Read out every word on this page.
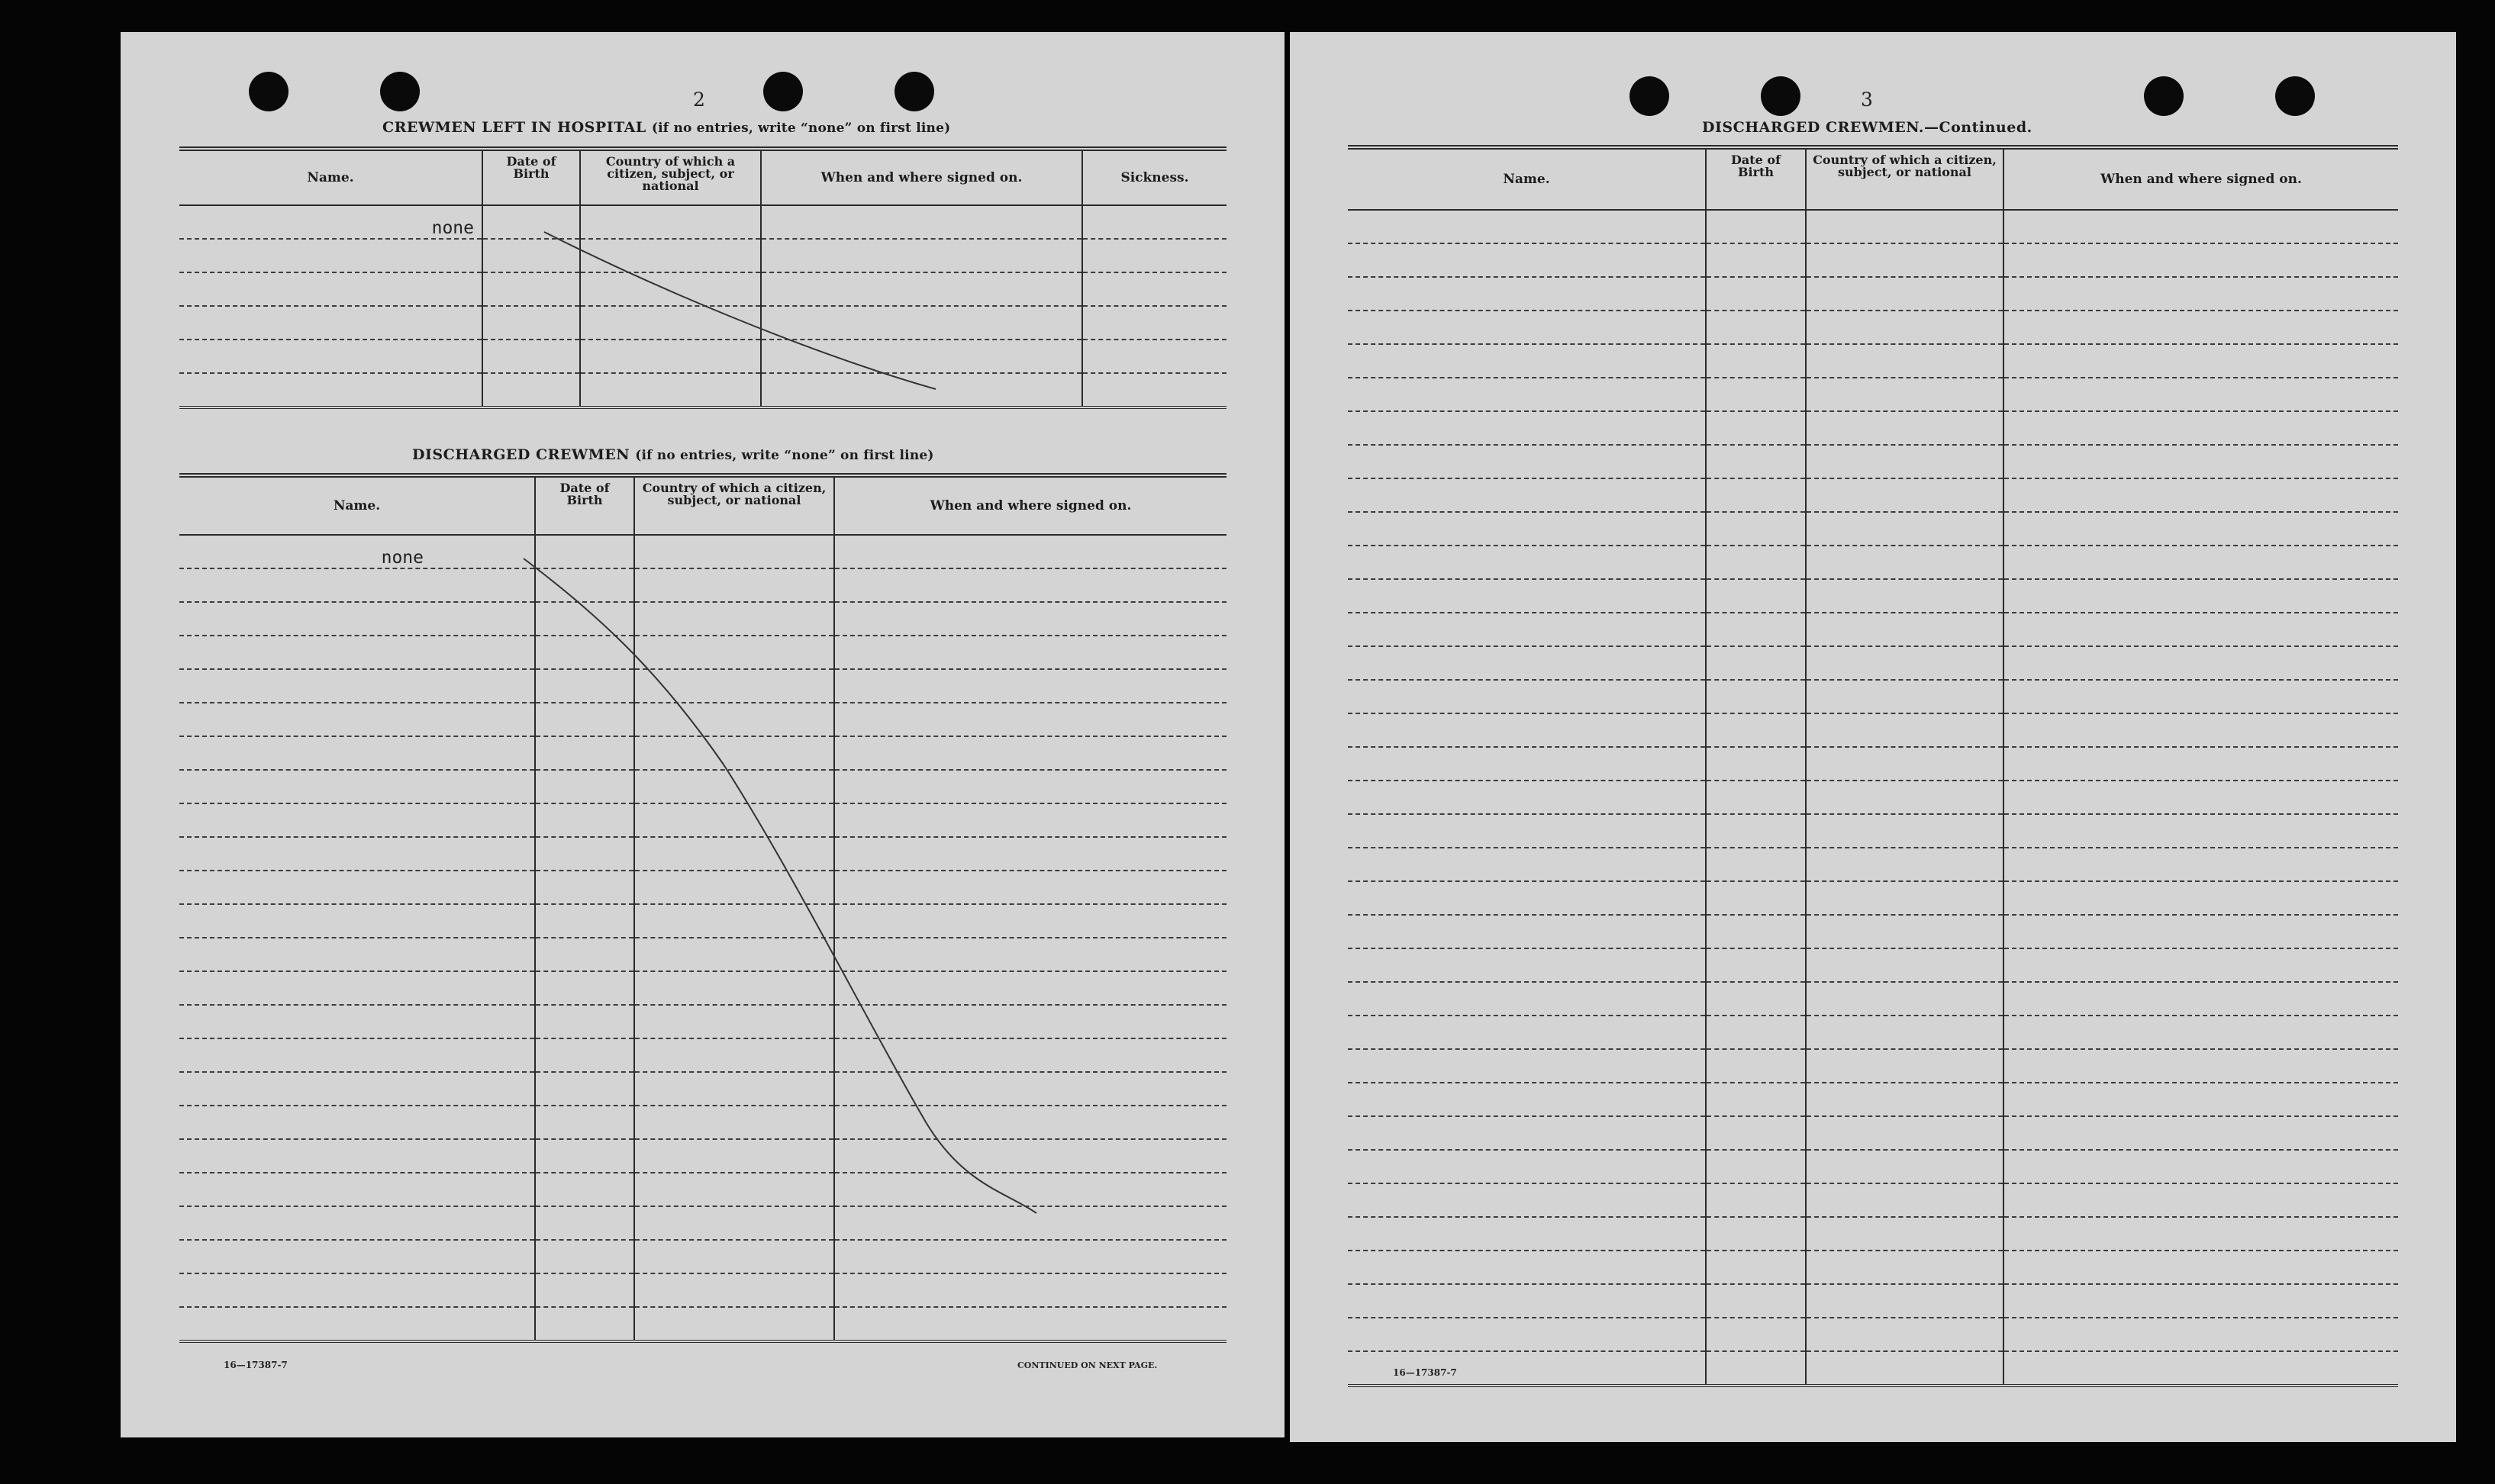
2
CREWMEN LEFT IN HOSPITAL (if no entries, write “none” on first line)
Name.	Date of Birth	Country of which a citizen, subject, or national	When and where signed on.	Sickness.
none				

DISCHARGED CREWMEN (if no entries, write “none” on first line)
Name.	Date of Birth	Country of which a citizen, subject, or national	When and where signed on.
none			

16—17387-7	CONTINUED ON NEXT PAGE.
3
DISCHARGED CREWMEN.—Continued.
Name.	Date of Birth	Country of which a citizen, subject, or national	When and where signed on.

16—17387-7
